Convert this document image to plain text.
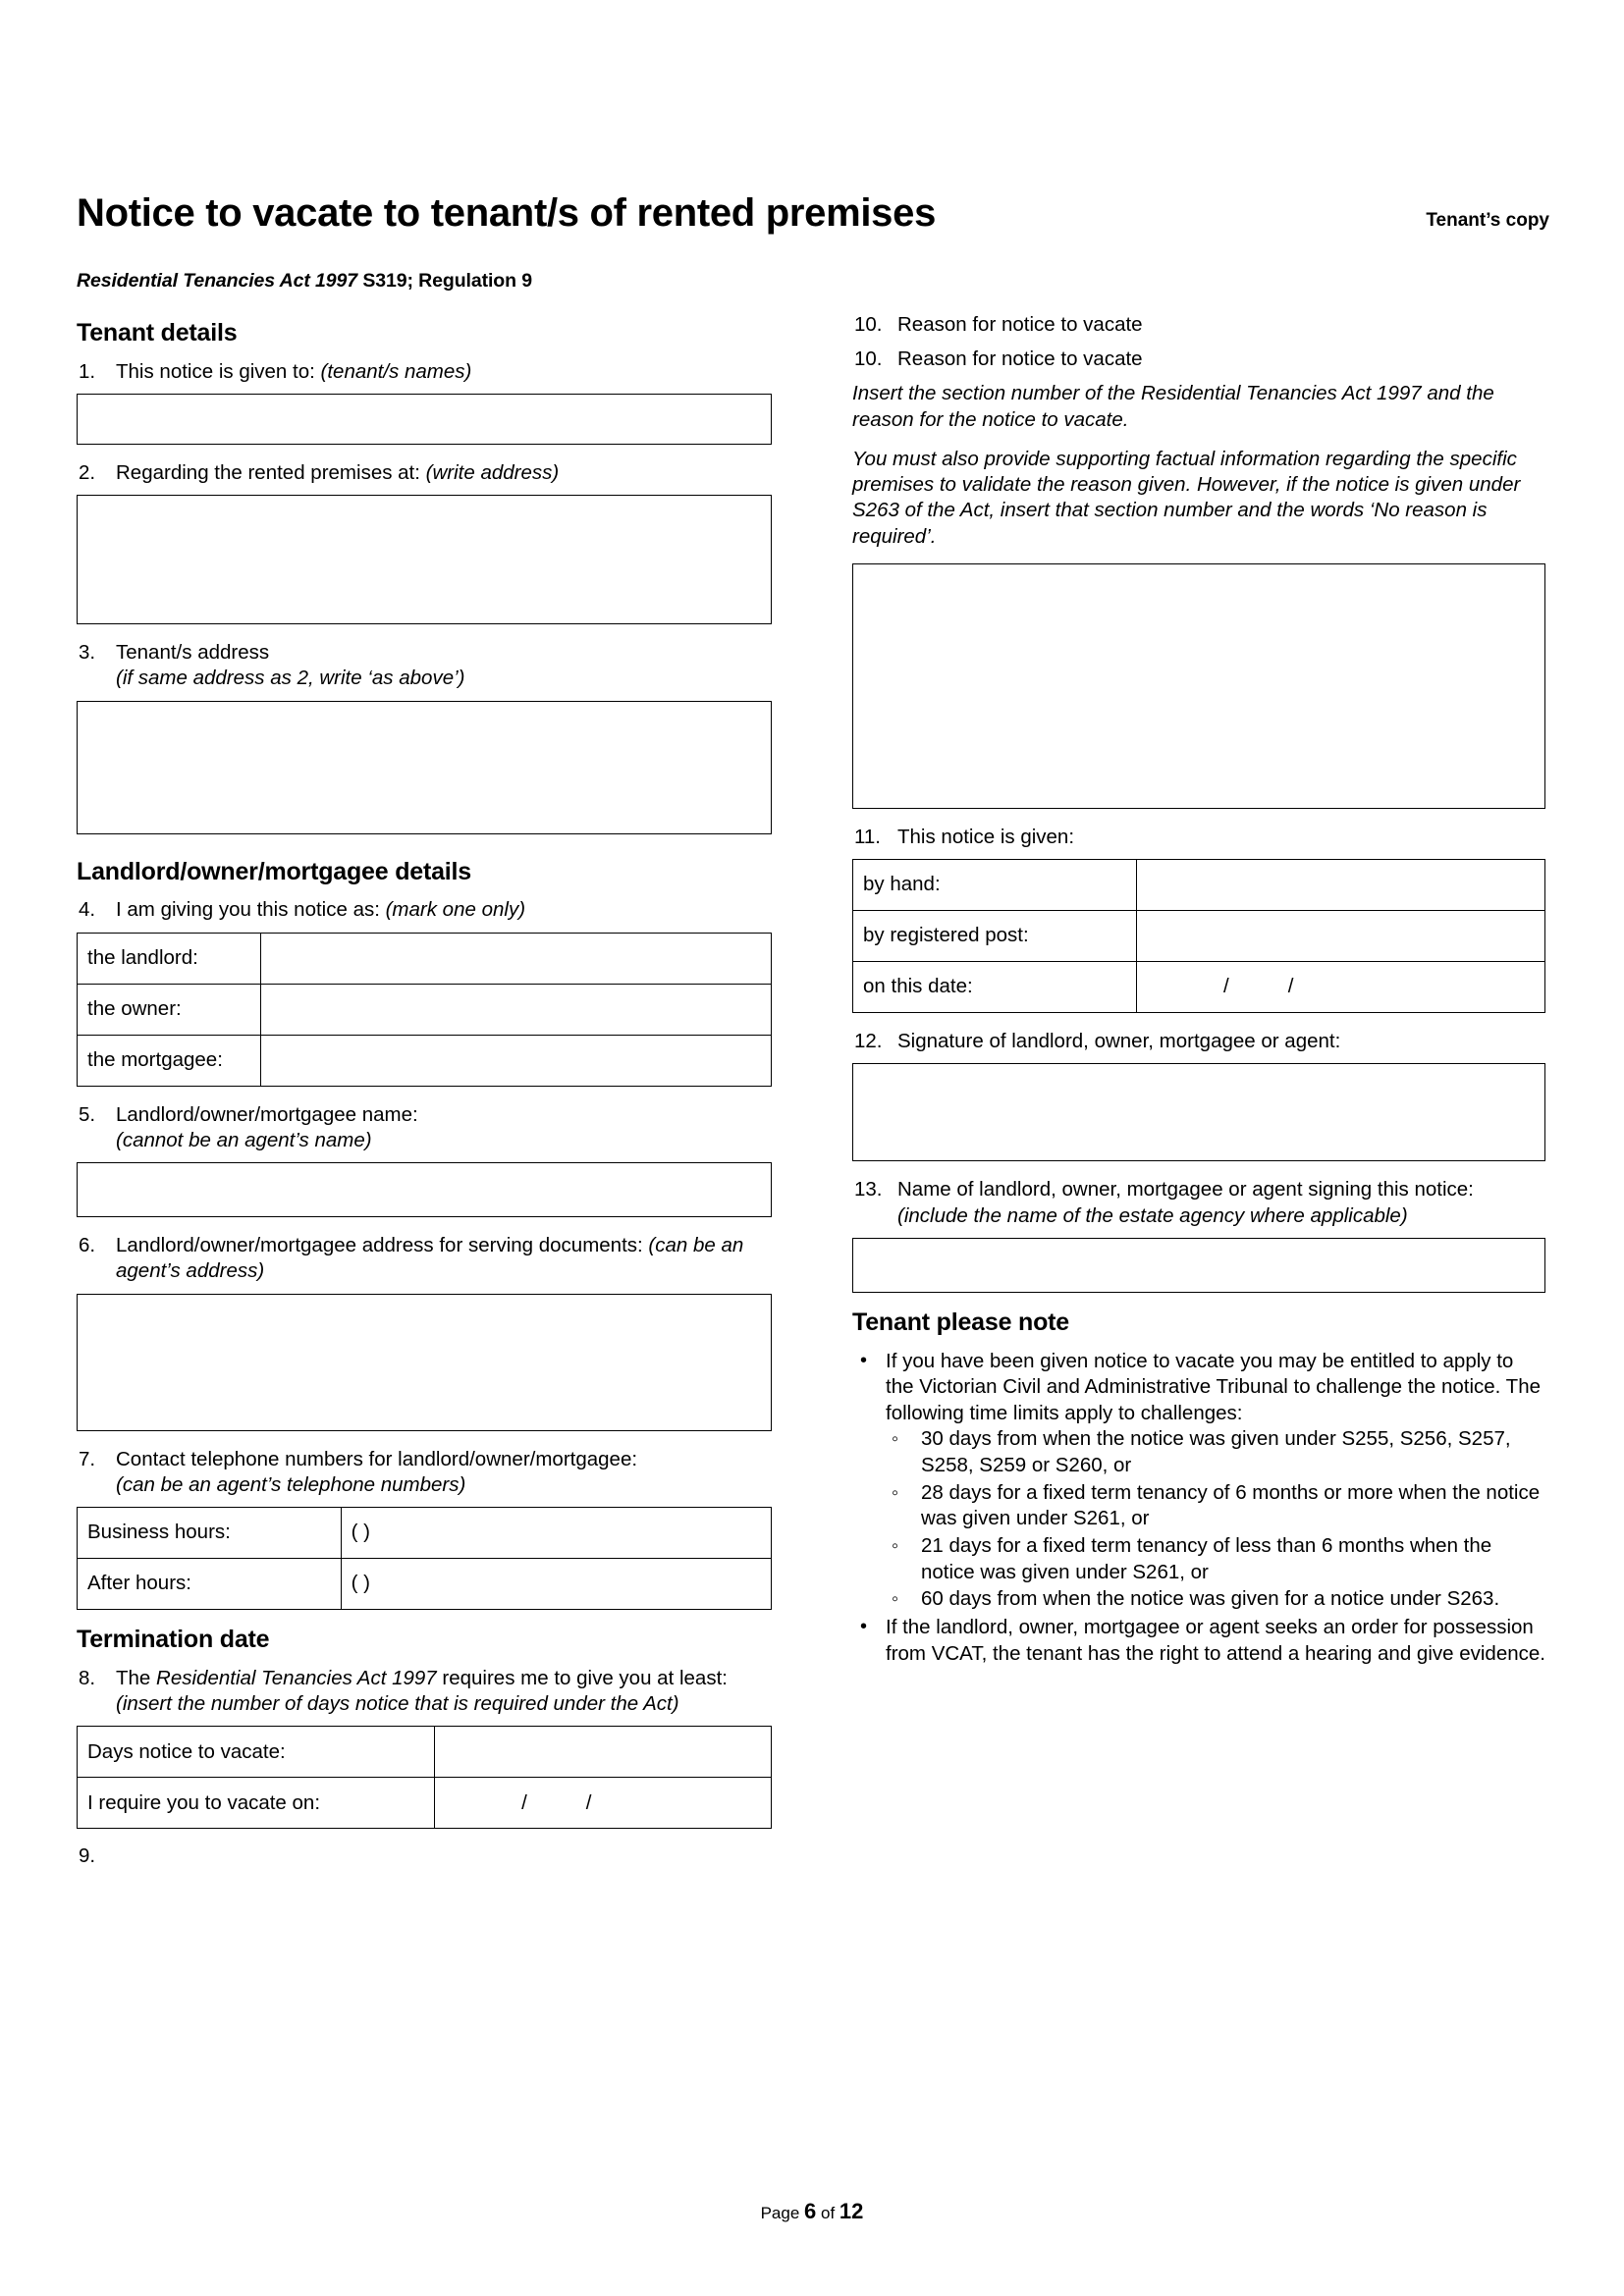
Notice to vacate to tenant/s of rented premises	Tenant’s copy
Residential Tenancies Act 1997 S319; Regulation 9
Tenant details
1.	This notice is given to: (tenant/s names)
2.	Regarding the rented premises at: (write address)
3.	Tenant/s address
(if same address as 2, write ‘as above’)
Landlord/owner/mortgagee details
4.	I am giving you this notice as: (mark one only)
the landlord:	
the owner:	
the mortgagee:	
5.	Landlord/owner/mortgagee name:
(cannot be an agent’s name)
6.	Landlord/owner/mortgagee address for serving documents: (can be an agent’s address)
7.	Contact telephone numbers for landlord/owner/mortgagee:
(can be an agent’s telephone numbers)
Business hours:	( )
After hours:	( )
Termination date
8.	The Residential Tenancies Act 1997 requires me to give you at least: (insert the number of days notice that is required under the Act)
Days notice to vacate:	
I require you to vacate on:	/ /
9.
10. Reason for notice to vacate
10. Reason for notice to vacate

Insert the section number of the Residential Tenancies Act 1997 and the reason for the notice to vacate.

You must also provide supporting factual information regarding the specific premises to validate the reason given. However, if the notice is given under S263 of the Act, insert that section number and the words ‘No reason is required’.

11. This notice is given:
by hand:	
by registered post:	
on this date:	/ /
12. Signature of landlord, owner, mortgagee or agent:
13. Name of landlord, owner, mortgagee or agent signing this notice: (include the name of the estate agency where applicable)
Tenant please note
• If you have been given notice to vacate you may be entitled to apply to the Victorian Civil and Administrative Tribunal to challenge the notice. The following time limits apply to challenges:
◦ 30 days from when the notice was given under S255, S256, S257, S258, S259 or S260, or
◦ 28 days for a fixed term tenancy of 6 months or more when the notice was given under S261, or
◦ 21 days for a fixed term tenancy of less than 6 months when the notice was given under S261, or
◦ 60 days from when the notice was given for a notice under S263.
• If the landlord, owner, mortgagee or agent seeks an order for possession from VCAT, the tenant has the right to attend a hearing and give evidence.
Page 6 of 12
